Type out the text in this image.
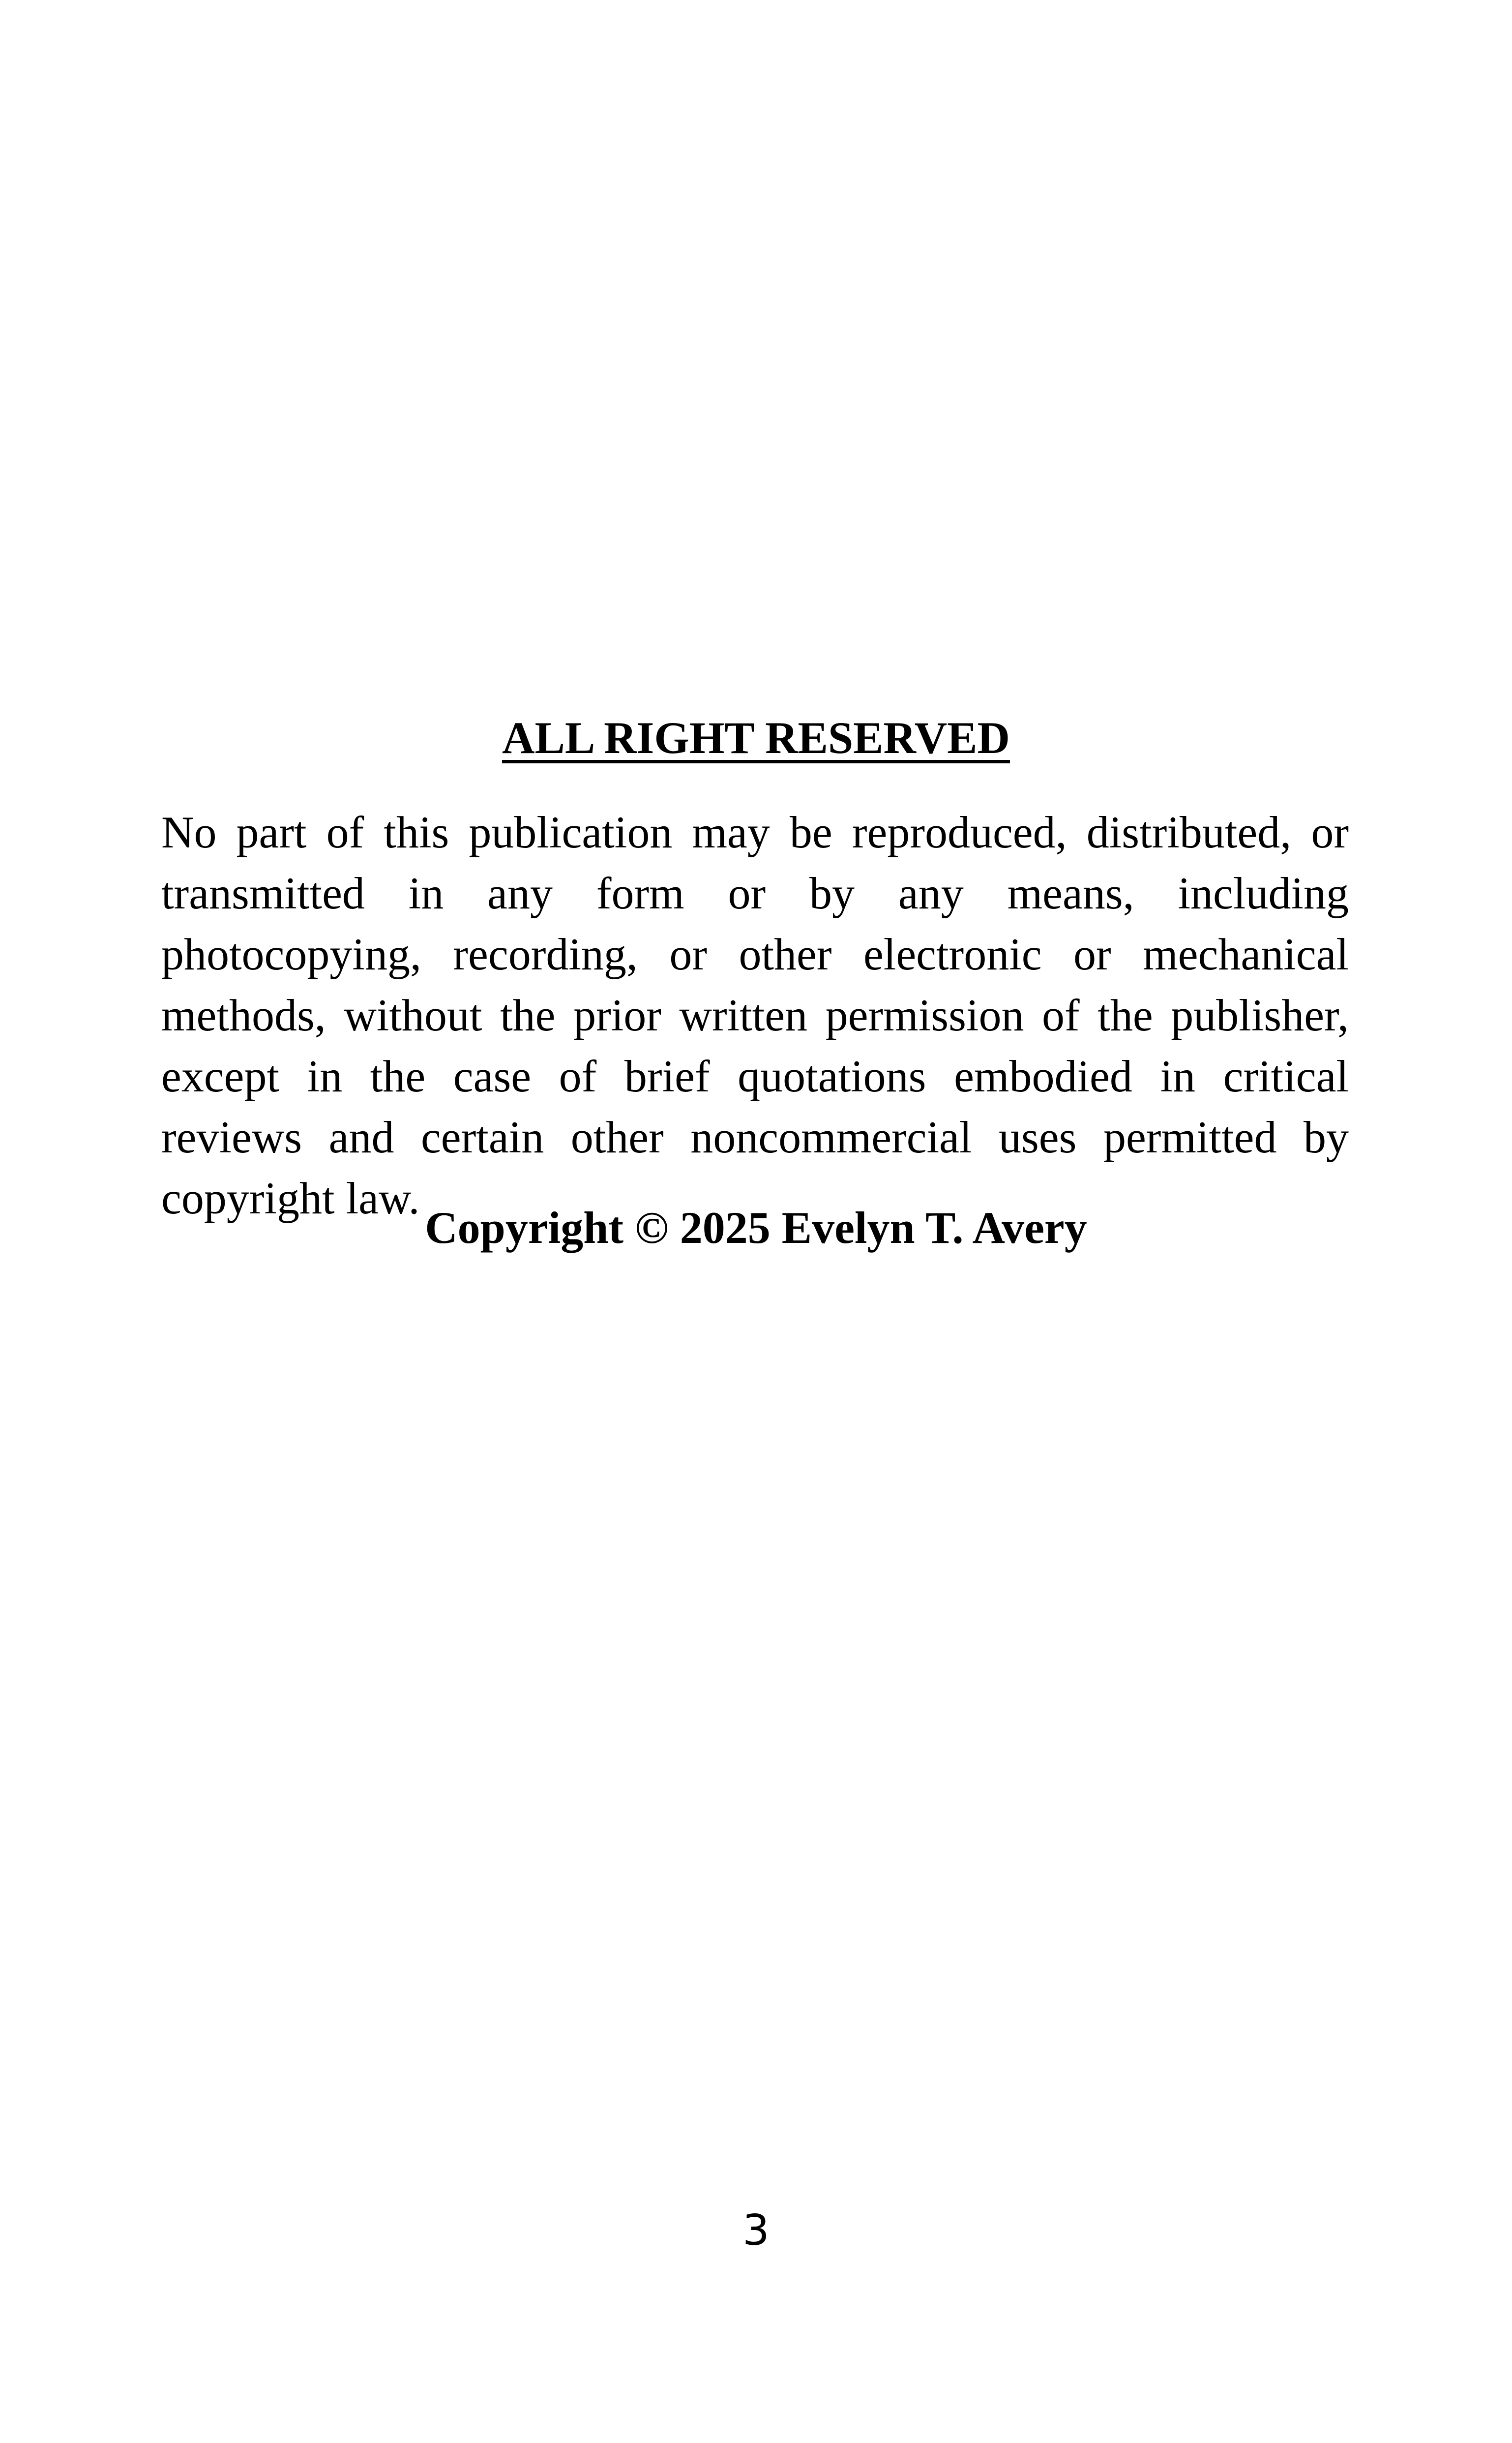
ALL RIGHT RESERVED
No part of this publication may be reproduced, distributed, or transmitted in any form or by any means, including photocopying, recording, or other electronic or mechanical methods, without the prior written permission of the publisher, except in the case of brief quotations embodied in critical reviews and certain other noncommercial uses permitted by copyright law.
Copyright © 2025 Evelyn T. Avery
3
